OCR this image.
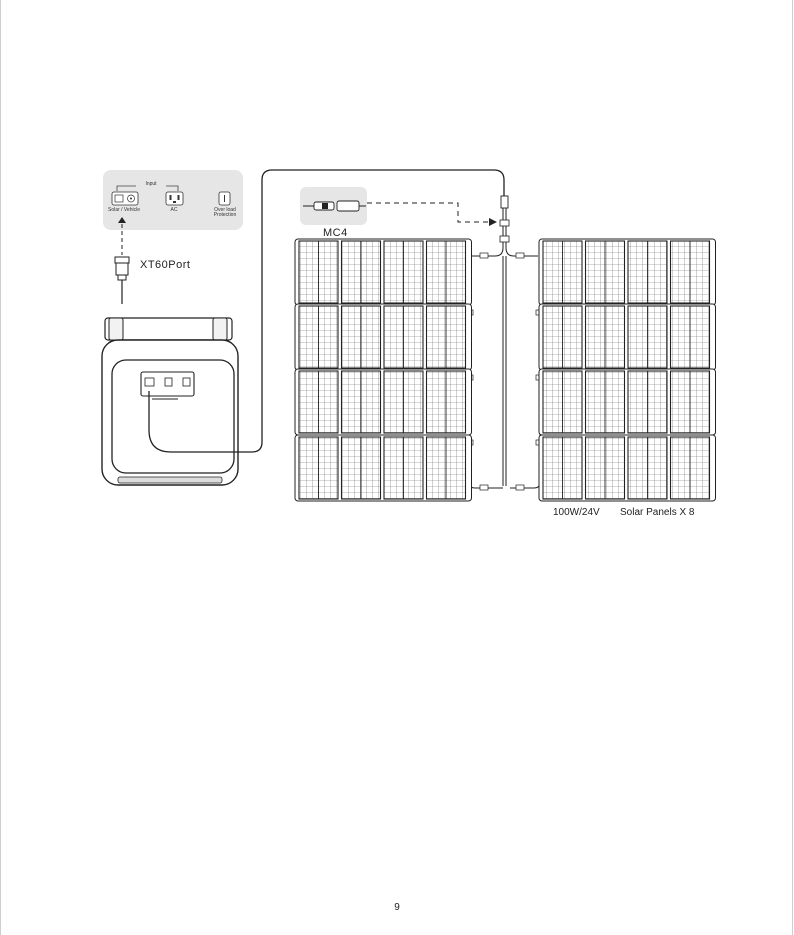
Input
Solar / Vehicle	AC	Over load
Protection
XT60Port
MC4
100W/24V Solar Panels X 8
9
